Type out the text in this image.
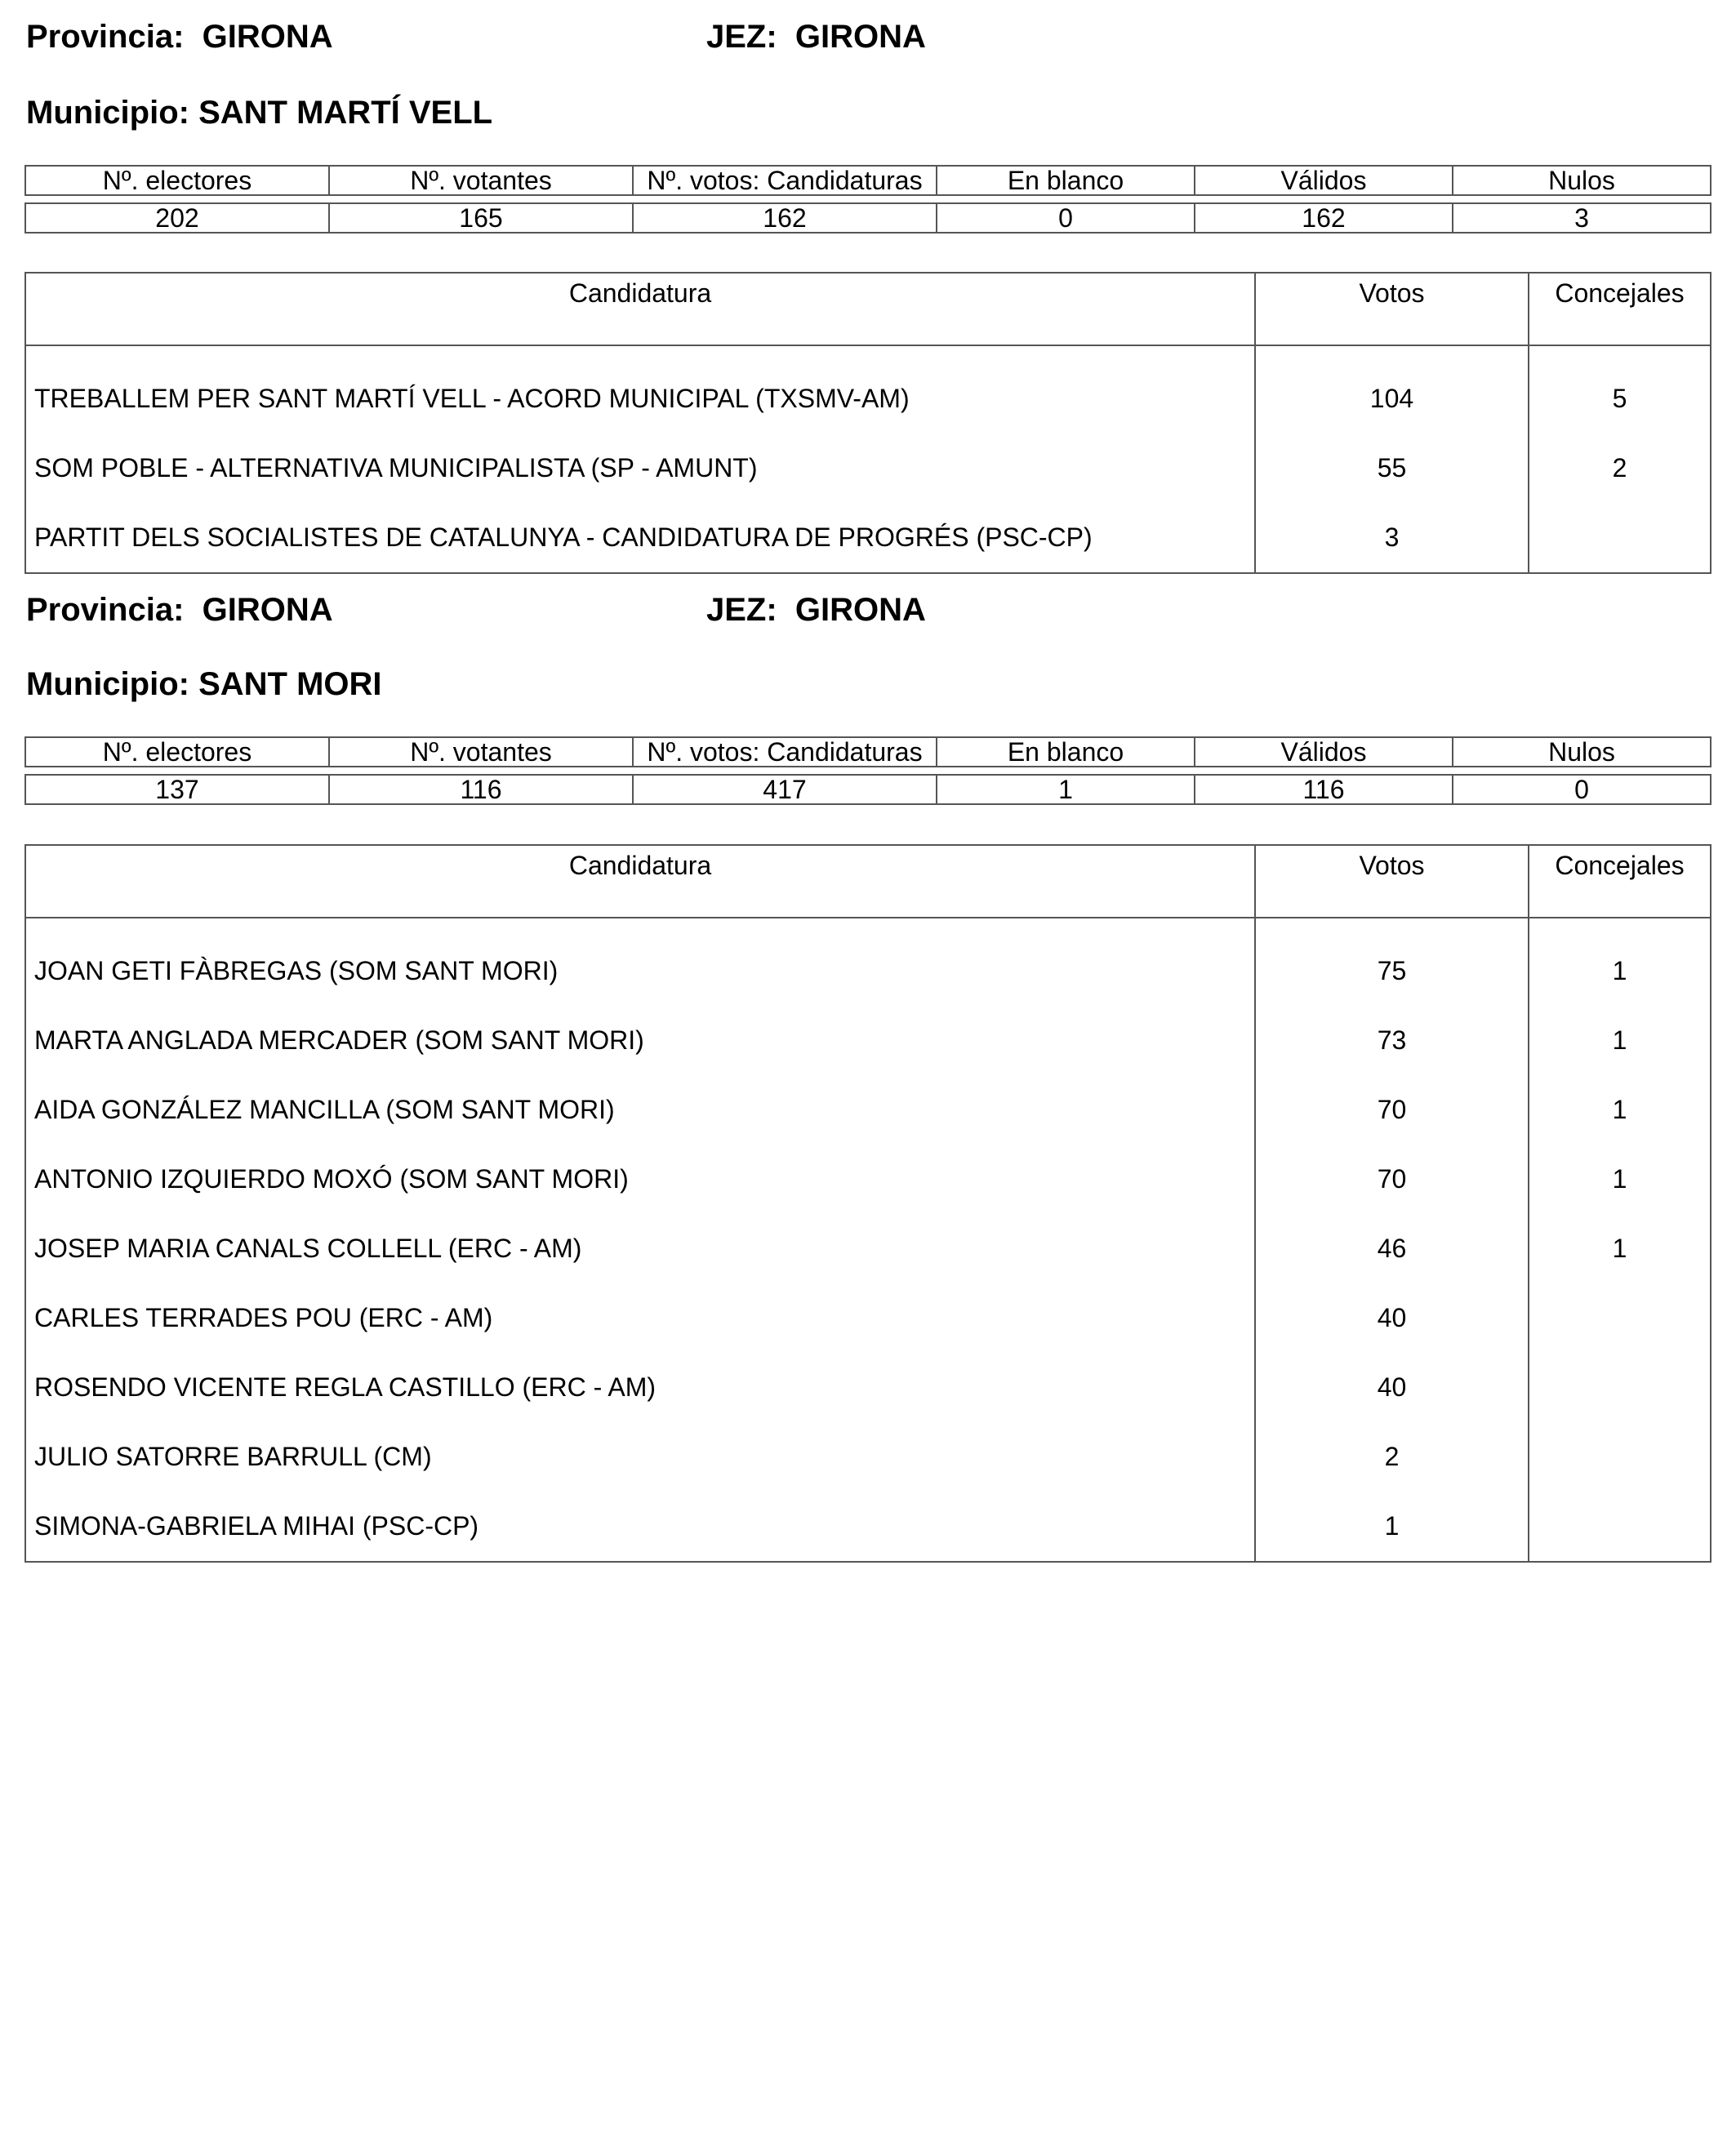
Provincia: GIRONA	JEZ: GIRONA
Municipio: SANT MARTÍ VELL
Nº. electores	Nº. votantes	Nº. votos: Candidaturas	En blanco	Válidos	Nulos

202	165	162	0	162	3
Candidatura	Votos	Concejales
TREBALLEM PER SANT MARTÍ VELL - ACORD MUNICIPAL (TXSMV-AM)	104	5
SOM POBLE - ALTERNATIVA MUNICIPALISTA (SP - AMUNT)	55	2
PARTIT DELS SOCIALISTES DE CATALUNYA - CANDIDATURA DE PROGRÉS (PSC-CP)	3	
Provincia: GIRONA	JEZ: GIRONA
Municipio: SANT MORI
Nº. electores	Nº. votantes	Nº. votos: Candidaturas	En blanco	Válidos	Nulos

137	116	417	1	116	0
Candidatura	Votos	Concejales
JOAN GETI FÀBREGAS (SOM SANT MORI)	75	1
MARTA ANGLADA MERCADER (SOM SANT MORI)	73	1
AIDA GONZÁLEZ MANCILLA (SOM SANT MORI)	70	1
ANTONIO IZQUIERDO MOXÓ (SOM SANT MORI)	70	1
JOSEP MARIA CANALS COLLELL (ERC - AM)	46	1
CARLES TERRADES POU (ERC - AM)	40	
ROSENDO VICENTE REGLA CASTILLO (ERC - AM)	40	
JULIO SATORRE BARRULL (CM)	2	
SIMONA-GABRIELA MIHAI (PSC-CP)	1	
